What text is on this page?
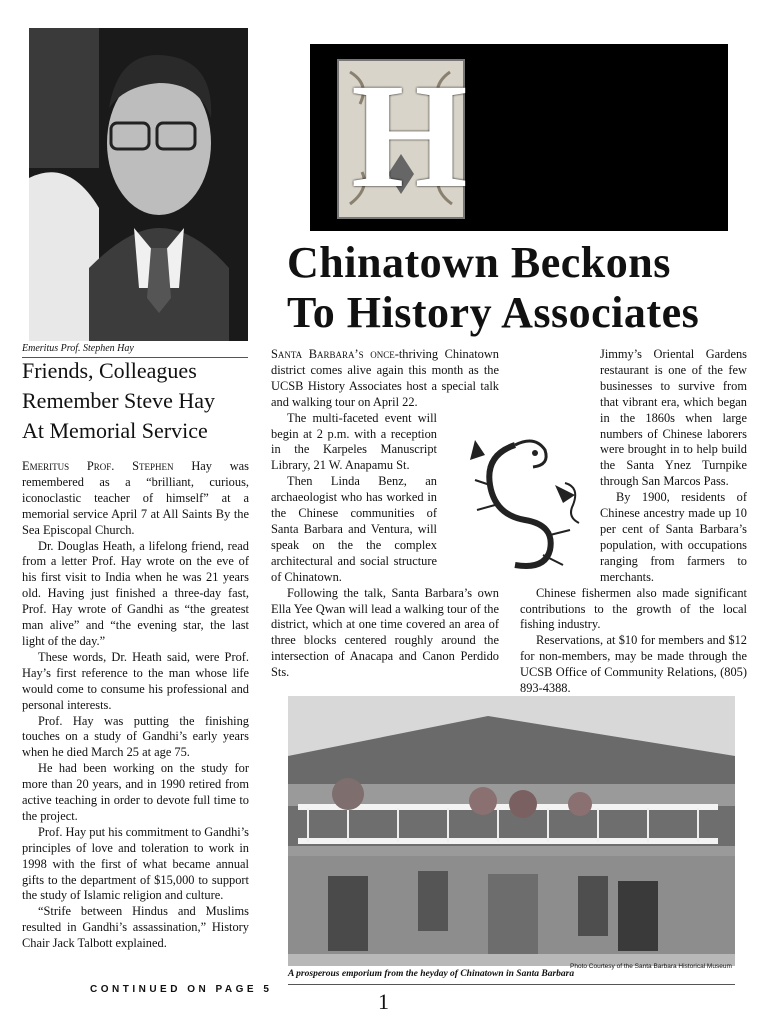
Emeritus Prof. Stephen Hay
Friends, Colleagues
Remember Steve Hay
At Memorial Service

Emeritus Prof. Stephen Hay was remembered as a “brilliant, curious, iconoclastic teacher of himself” at a memorial service April 7 at All Saints By the Sea Episcopal Church.

Dr. Douglas Heath, a lifelong friend, read from a letter Prof. Hay wrote on the eve of his first visit to India when he was 21 years old. Having just finished a three-day fast, Prof. Hay wrote of Gandhi as “the greatest man alive” and “the evening star, the last light of the day.”

These words, Dr. Heath said, were Prof. Hay’s first reference to the man whose life would come to consume his professional and personal interests.

Prof. Hay was putting the finishing touches on a study of Gandhi’s early years when he died March 25 at age 75.

He had been working on the study for more than 20 years, and in 1990 retired from active teaching in order to devote full time to the project.

Prof. Hay put his commitment to Gandhi’s principles of love and toleration to work in 1998 with the first of what became annual gifts to the department of $15,000 to support the study of Islamic religion and culture.

“Strife between Hindus and Muslims resulted in Gandhi’s assassination,” History Chair Jack Talbott explained.

CONTINUED ON PAGE 5
H
Chinatown Beckons
To History Associates

Santa Barbara’s once-thriving Chinatown district comes alive again this month as the UCSB History Associates host a special talk and walking tour on April 22.

The multi-faceted event will begin at 2 p.m. with a reception in the Karpeles Manuscript Library, 21 W. Anapamu St.

Then Linda Benz, an archaeologist who has worked in the Chinese communities of Santa Barbara and Ventura, will speak on the the complex architectural and social structure of Chinatown.

Following the talk, Santa Barbara’s own Ella Yee Qwan will lead a walking tour of the district, which at one time covered an area of three blocks centered roughly around the intersection of Anacapa and Canon Perdido Sts.

Jimmy’s Oriental Gardens restaurant is one of the few businesses to survive from that vibrant era, which began in the 1860s when large numbers of Chinese laborers were brought in to help build the Santa Ynez Turnpike through San Marcos Pass.

By 1900, residents of Chinese ancestry made up 10 per cent of Santa Barbara’s population, with occupations ranging from farmers to merchants.

Chinese fishermen also made significant contributions to the growth of the local fishing industry.

Reservations, at $10 for members and $12 for non-members, may be made through the UCSB Office of Community Relations, (805) 893-4388.

A prosperous emporium from the heyday of Chinatown in Santa Barbara
Photo Courtesy of the Santa Barbara Historical Museum
1
